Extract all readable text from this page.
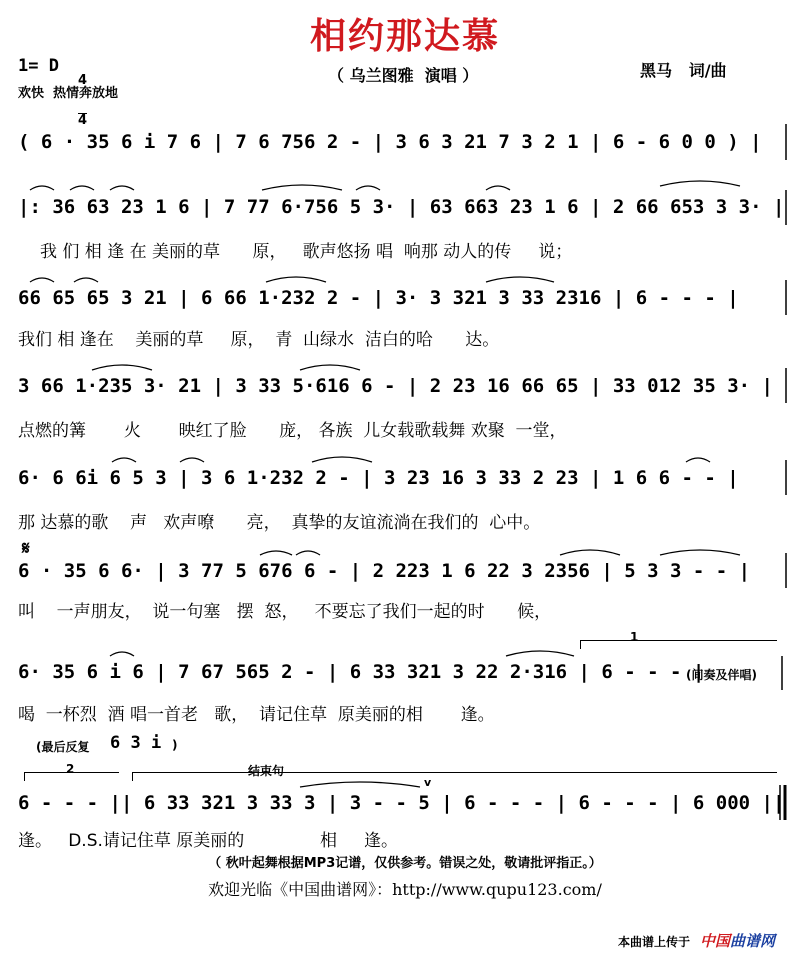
相约那达慕
1= D

$\frac{4}{4}$

欢快  热情奔放地
（ 乌兰图雅  演唱 ）	黑马   词/曲
( 6 · 35 6 i 7 6 | 7 6 756 2 - | 3 6 3 21 7 3 2 1 | 6 - 6 0 0 ) |
|: 36 63 23 1 6 | 7 77 6·756 5 3· | 63 663 23 1 6 | 2 66 653 3 3· |
我 们 相 逢 在 美丽的草      原，   歌声悠扬 唱  响那 动人的传     说；
66 65 65 3 21 | 6 66 1·232 2 - | 3· 3 321 3 33 2316 | 6 - - - |
我们 相 逢在    美丽的草     原，  青  山绿水  洁白的哈      达。
3 66 1·235 3· 21 | 3 33 5·616 6 - | 2 23 16 66 65 | 33 012 35 3· |
点燃的篝       火       映红了脸      庞， 各族  儿女载歌载舞 欢聚  一堂，
6· 6 6i 6 5 3 | 3 6 1·232 2 - | 3 23 16 3 33 2 23 | 1 6 6 - - |
那 达慕的歌    声   欢声嘹      亮，  真挚的友谊流淌在我们的  心中。
𝄋
6 · 35 6 6· | 3 77 5 676 6 - | 2 223 1 6 22 3 2356 | 5 3 3 - - |
叫    一声朋友，  说一句塞   摆  怒，   不要忘了我们一起的时      候，
1
6· 35 6 i 6 | 7 67 565 2 - | 6 33 321 3 22 2·316 | 6 - - - |
(间奏及伴唱)
喝  一杯烈  酒 唱一首老   歌，  请记住草  原美丽的相       逢。
(最后反复 6 3 i )
2	结束句
v
6 - - - || 6 33 321 3 33 3 | 3 - - 5 | 6 - - - | 6 - - - | 6 000 ||
逢。   D.S.请记住草 原美丽的              相     逢。
（ 秋叶起舞根据MP3记谱，仅供参考。错误之处，敬请批评指正。）
欢迎光临《中国曲谱网》：http://www.qupu123.com/
本曲谱上传于 中国曲谱网
